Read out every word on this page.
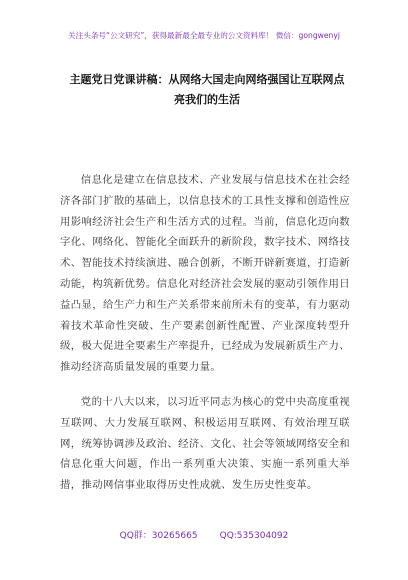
关注头条号“公文研究”，获得最新最全最专业的公文资料库！ 微信：gongwenyj
主题党日党课讲稿：从网络大国走向网络强国让互联网点
亮我们的生活

信息化是建立在信息技术、产业发展与信息技术在社会经济各部门扩散的基础上，以信息技术的工具性支撑和创造性应用影响经济社会生产和生活方式的过程。当前，信息化迈向数字化、网络化、智能化全面跃升的新阶段，数字技术、网络技术、智能技术持续演进、融合创新，不断开辟新赛道，打造新动能，构筑新优势。信息化对经济社会发展的驱动引领作用日益凸显，给生产力和生产关系带来前所未有的变革，有力驱动着技术革命性突破、生产要素创新性配置、产业深度转型升级，极大促进全要素生产率提升，已经成为发展新质生产力、推动经济高质量发展的重要力量。

党的十八大以来，以习近平同志为核心的党中央高度重视互联网、大力发展互联网、积极运用互联网、有效治理互联网，统筹协调涉及政治、经济、文化、社会等领域网络安全和信息化重大问题，作出一系列重大决策、实施一系列重大举措，推动网信事业取得历史性成就、发生历史性变革。

QQ群：30265665 QQ:535304092
